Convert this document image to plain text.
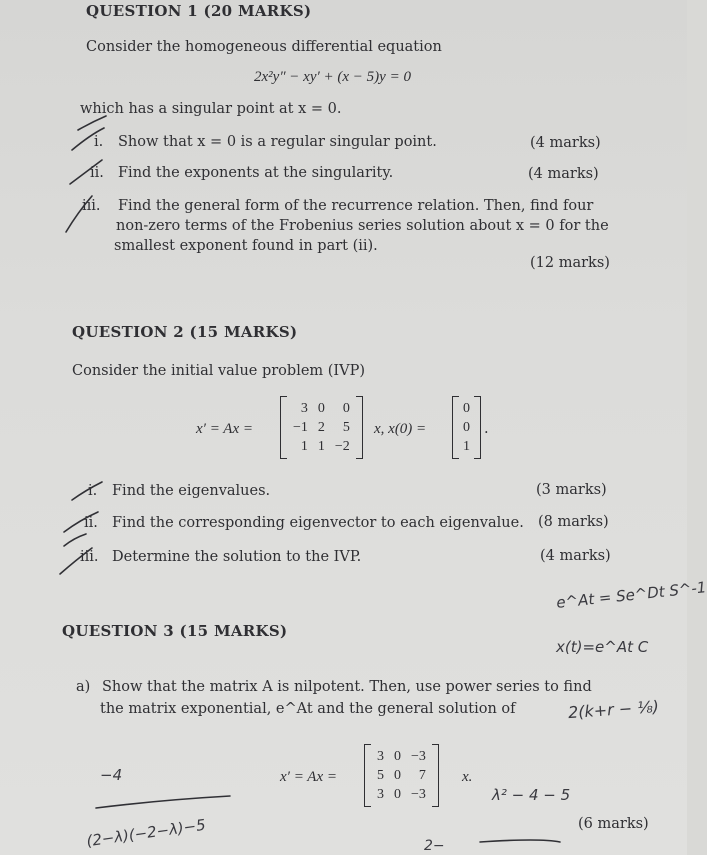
QUESTION 1 (20 MARKS)
Consider the homogeneous differential equation
2x²y″ − xy′ + (x − 5)y = 0
which has a singular point at x = 0.
i. Show that x = 0 is a regular singular point.	(4 marks)
ii. Find the exponents at the singularity.	(4 marks)
iii. Find the general form of the recurrence relation. Then, find four
non-zero terms of the Frobenius series solution about x = 0 for the
smallest exponent found in part (ii).
(12 marks)
QUESTION 2 (15 MARKS)
Consider the initial value problem (IVP)
x′ = Ax =
3	0	0
−1	2	5
1	1	−2
x, x(0) =
0
0
1
.
i. Find the eigenvalues.	(3 marks)
ii. Find the corresponding eigenvector to each eigenvalue. (8 marks)
iii. Determine the solution to the IVP.	(4 marks)
QUESTION 3 (15 MARKS)
a) Show that the matrix A is nilpotent. Then, use power series to find
the matrix exponential, e^At and the general solution of
x′ = Ax =
3	0	−3
5	0	7
3	0	−3
x.
(6 marks)
e^At = Se^Dt S^-1
x(t)=e^At C
2(k+r − ⅛)
λ² − 4 − 5
−4
(2−λ)(−2−λ)−5	2−
